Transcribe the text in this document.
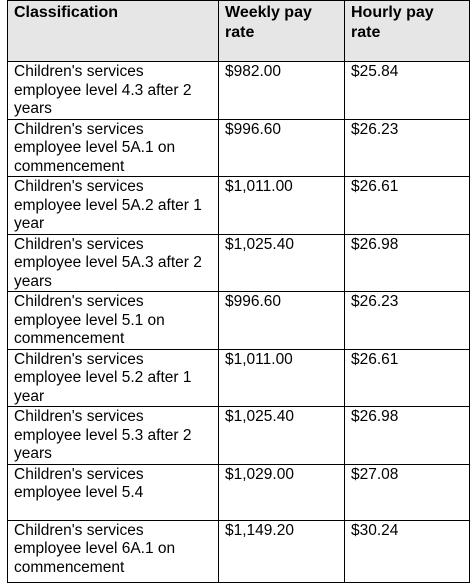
Classification	Weekly pay rate	Hourly pay rate
Children's services employee level 4.3 after 2 years	$982.00	$25.84
Children's services employee level 5A.1 on commencement	$996.60	$26.23
Children's services employee level 5A.2 after 1 year	$1,011.00	$26.61
Children's services employee level 5A.3 after 2 years	$1,025.40	$26.98
Children's services employee level 5.1 on commencement	$996.60	$26.23
Children's services employee level 5.2 after 1 year	$1,011.00	$26.61
Children's services employee level 5.3 after 2 years	$1,025.40	$26.98
Children's services employee level 5.4	$1,029.00	$27.08
Children's services employee level 6A.1 on commencement	$1,149.20	$30.24
